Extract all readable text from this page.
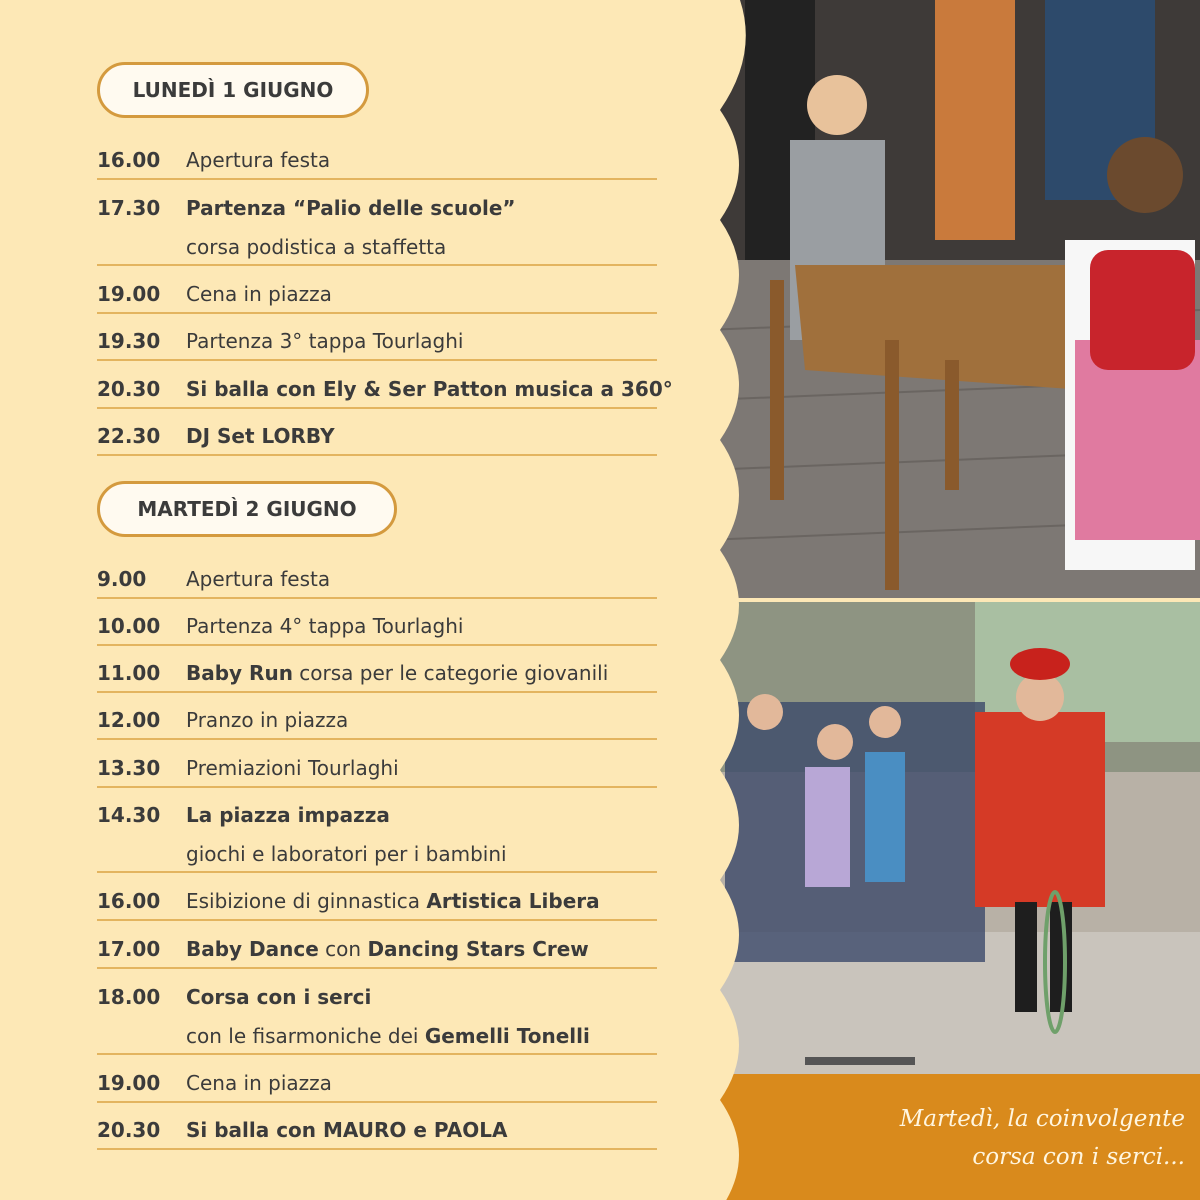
Martedì, la coinvolgente
corsa con i serci...
LUNEDÌ 1 GIUGNO
16.00 Apertura festa
17.30 Partenza “Palio delle scuole”
corsa podistica a staffetta
19.00 Cena in piazza
19.30 Partenza 3° tappa Tourlaghi
20.30 Si balla con Ely & Ser Patton musica a 360°
22.30 DJ Set LORBY
MARTEDÌ 2 GIUGNO
9.00 Apertura festa
10.00 Partenza 4° tappa Tourlaghi
11.00 Baby Run corsa per le categorie giovanili
12.00 Pranzo in piazza
13.30 Premiazioni Tourlaghi
14.30 La piazza impazza
giochi e laboratori per i bambini
16.00 Esibizione di ginnastica Artistica Libera
17.00 Baby Dance con Dancing Stars Crew
18.00 Corsa con i serci
con le fisarmoniche dei Gemelli Tonelli
19.00 Cena in piazza
20.30 Si balla con MAURO e PAOLA
